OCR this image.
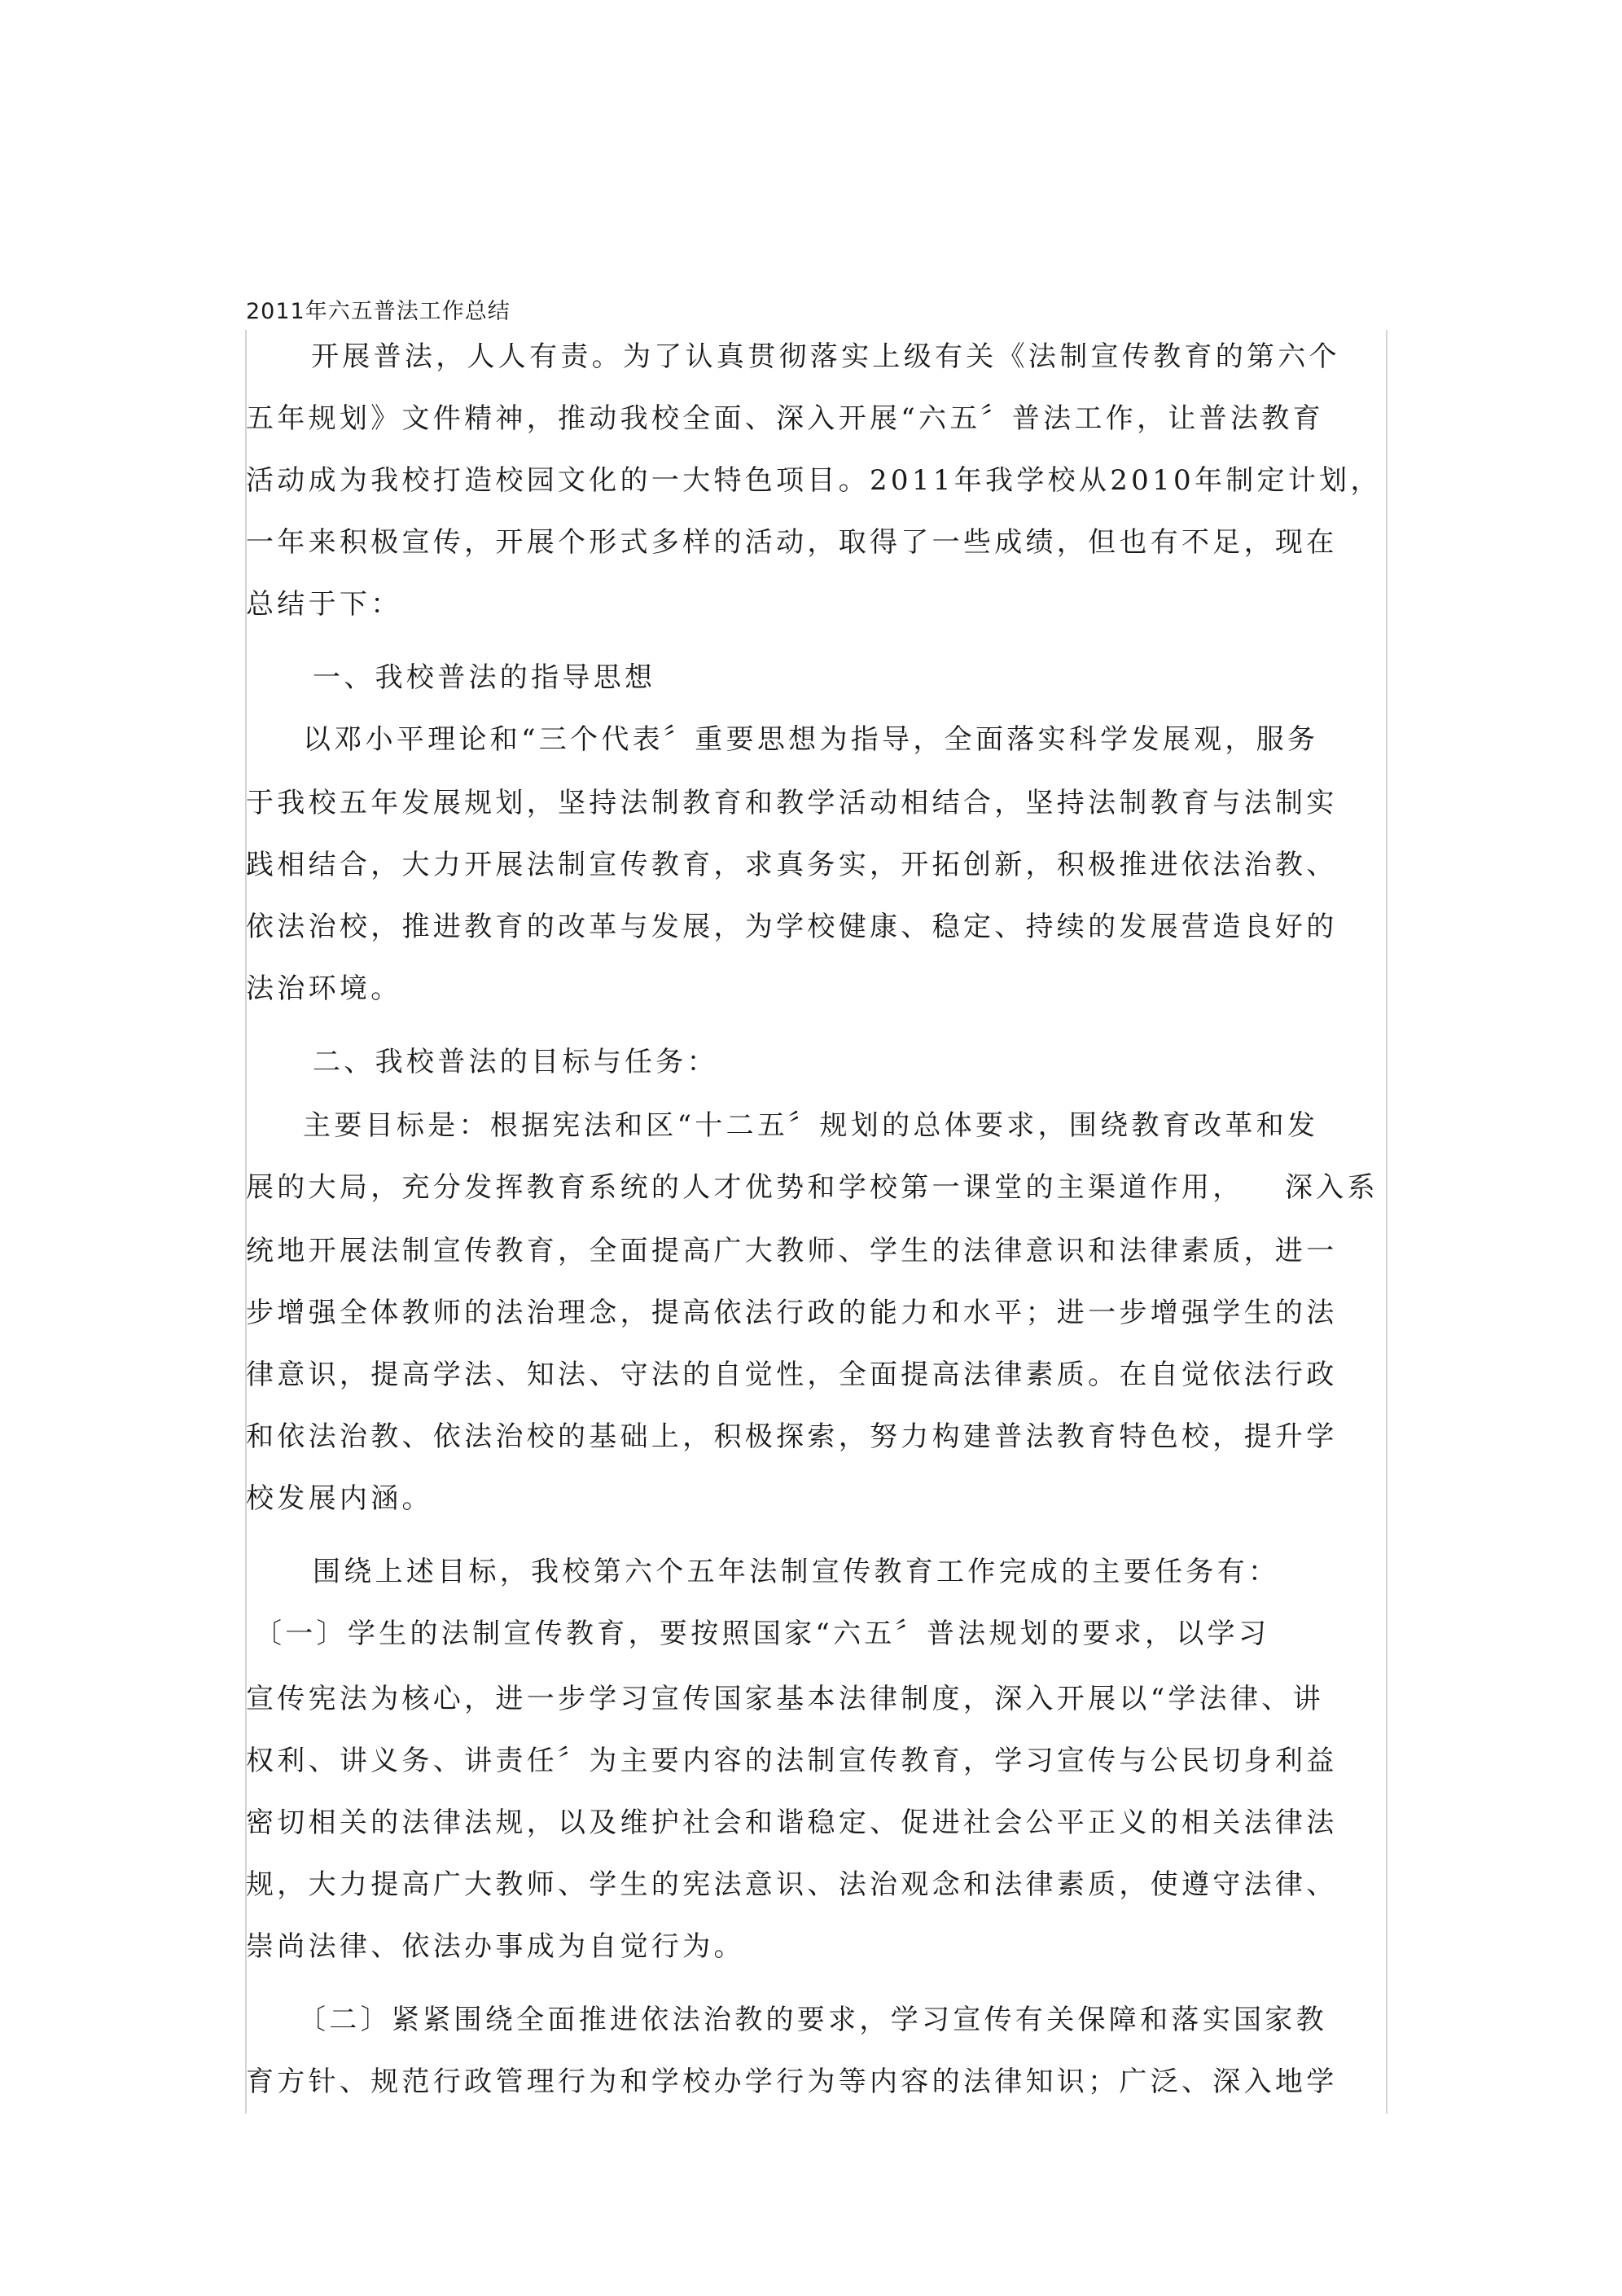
2011年六五普法工作总结
开展普法，人人有责。为了认真贯彻落实上级有关《法制宣传教育的第六个
五年规划》文件精神，推动我校全面、深入开展“六五〞普法工作，让普法教育
活动成为我校打造校园文化的一大特色项目。2011年我学校从2010年制定计划，
一年来积极宣传，开展个形式多样的活动，取得了一些成绩，但也有不足，现在
总结于下：
一、我校普法的指导思想
以邓小平理论和“三个代表〞重要思想为指导，全面落实科学发展观，服务
于我校五年发展规划，坚持法制教育和教学活动相结合，坚持法制教育与法制实
践相结合，大力开展法制宣传教育，求真务实，开拓创新，积极推进依法治教、
依法治校，推进教育的改革与发展，为学校健康、稳定、持续的发展营造良好的
法治环境。
二、我校普法的目标与任务：
主要目标是：根据宪法和区“十二五〞规划的总体要求，围绕教育改革和发
展的大局，充分发挥教育系统的人才优势和学校第一课堂的主渠道作用， 深入系
统地开展法制宣传教育，全面提高广大教师、学生的法律意识和法律素质，进一
步增强全体教师的法治理念，提高依法行政的能力和水平；进一步增强学生的法
律意识，提高学法、知法、守法的自觉性，全面提高法律素质。在自觉依法行政
和依法治教、依法治校的基础上，积极探索，努力构建普法教育特色校，提升学
校发展内涵。
围绕上述目标，我校第六个五年法制宣传教育工作完成的主要任务有：
〔一〕学生的法制宣传教育，要按照国家“六五〞普法规划的要求，以学习
宣传宪法为核心，进一步学习宣传国家基本法律制度，深入开展以“学法律、讲
权利、讲义务、讲责任〞为主要内容的法制宣传教育，学习宣传与公民切身利益
密切相关的法律法规，以及维护社会和谐稳定、促进社会公平正义的相关法律法
规，大力提高广大教师、学生的宪法意识、法治观念和法律素质，使遵守法律、
崇尚法律、依法办事成为自觉行为。
〔二〕紧紧围绕全面推进依法治教的要求，学习宣传有关保障和落实国家教
育方针、规范行政管理行为和学校办学行为等内容的法律知识；广泛、深入地学
